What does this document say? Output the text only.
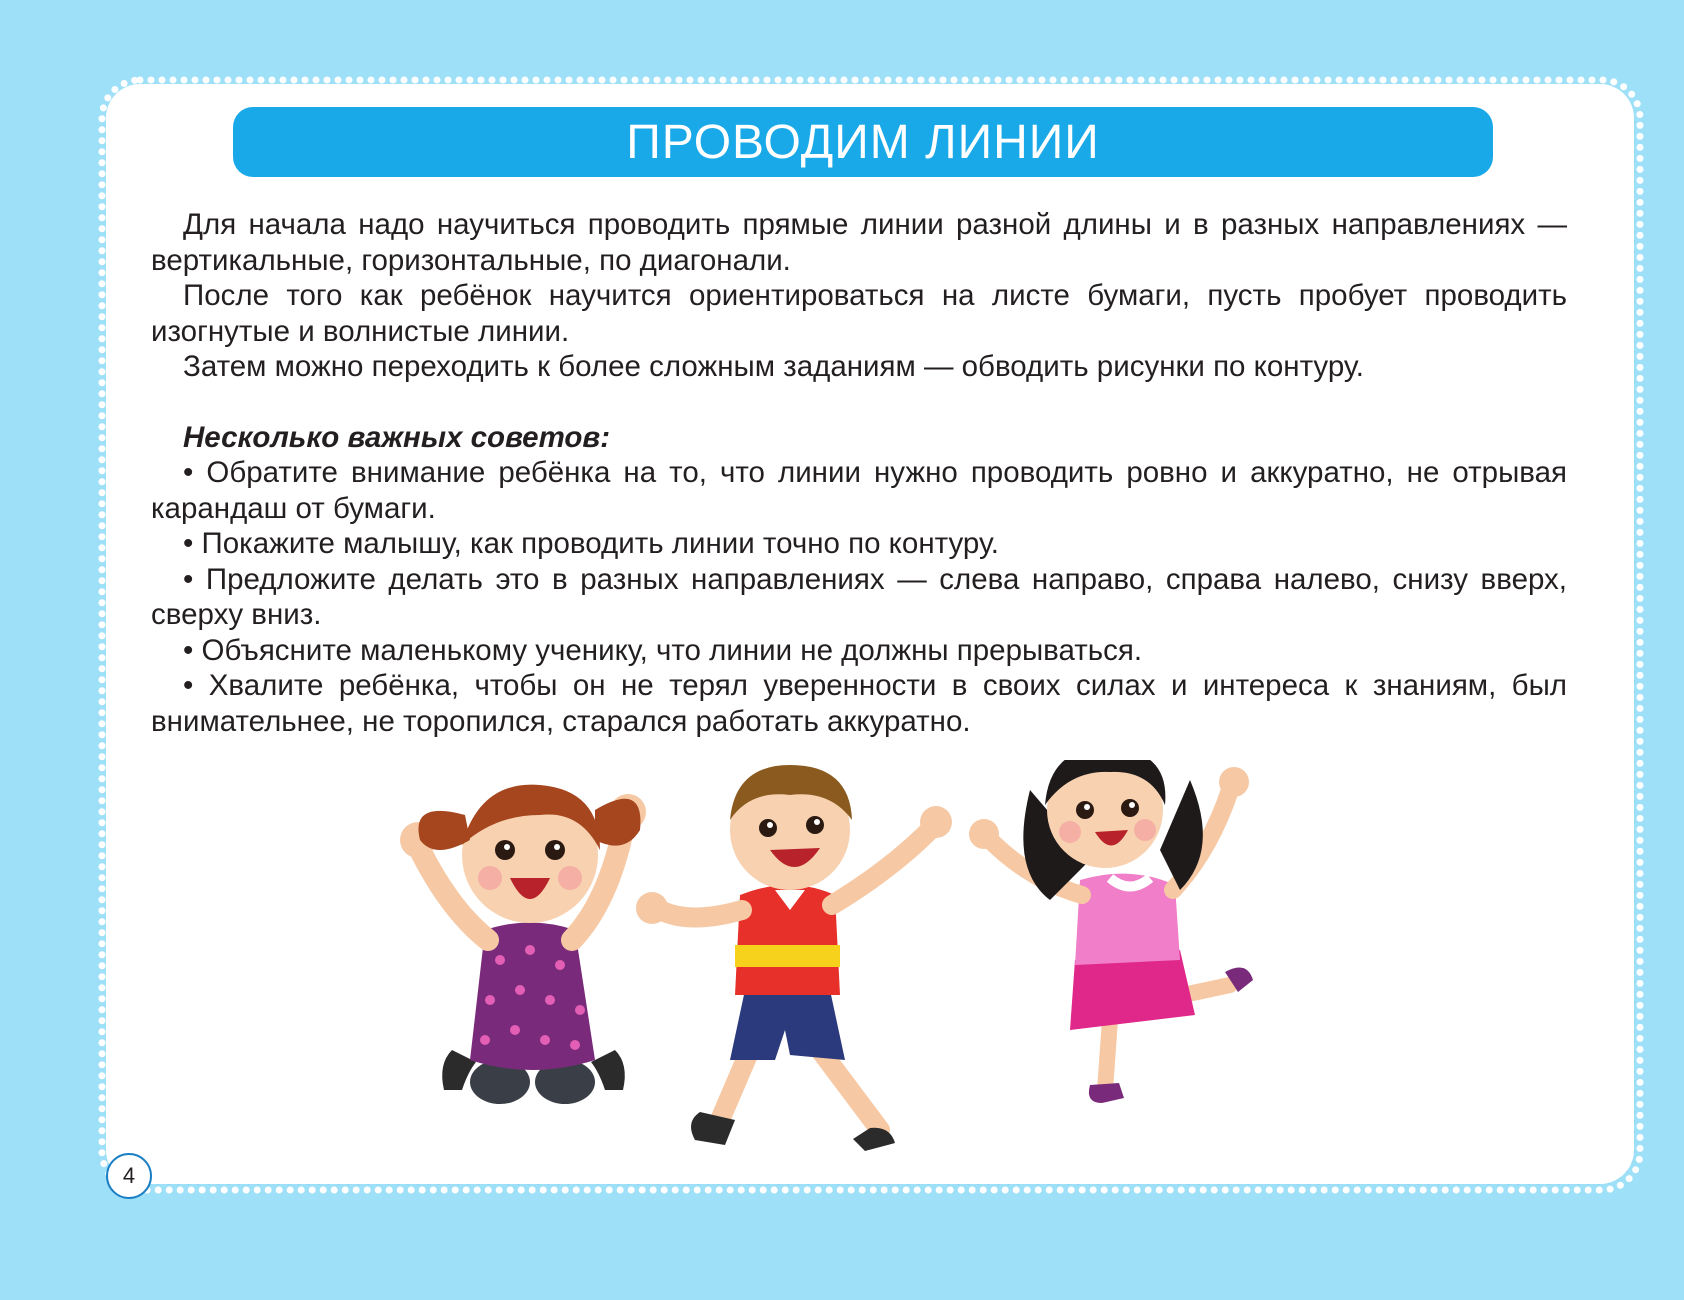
ПРОВОДИМ ЛИНИИ

Для начала надо научиться проводить прямые линии разной длины и в разных направлениях — вертикальные, горизонтальные, по диагонали.

После того как ребёнок научится ориентироваться на листе бумаги, пусть пробует проводить изогнутые и волнистые линии.

Затем можно переходить к более сложным заданиям — обводить рисунки по контуру.

Несколько важных советов:

• Обратите внимание ребёнка на то, что линии нужно проводить ровно и аккуратно, не отрывая карандаш от бумаги.

• Покажите малышу, как проводить линии точно по контуру.

• Предложите делать это в разных направлениях — слева направо, справа налево, снизу вверх, сверху вниз.

• Объясните маленькому ученику, что линии не должны прерываться.

• Хвалите ребёнка, чтобы он не терял уверенности в своих силах и интереса к знаниям, был внимательнее, не торопился, старался работать аккуратно.

4
